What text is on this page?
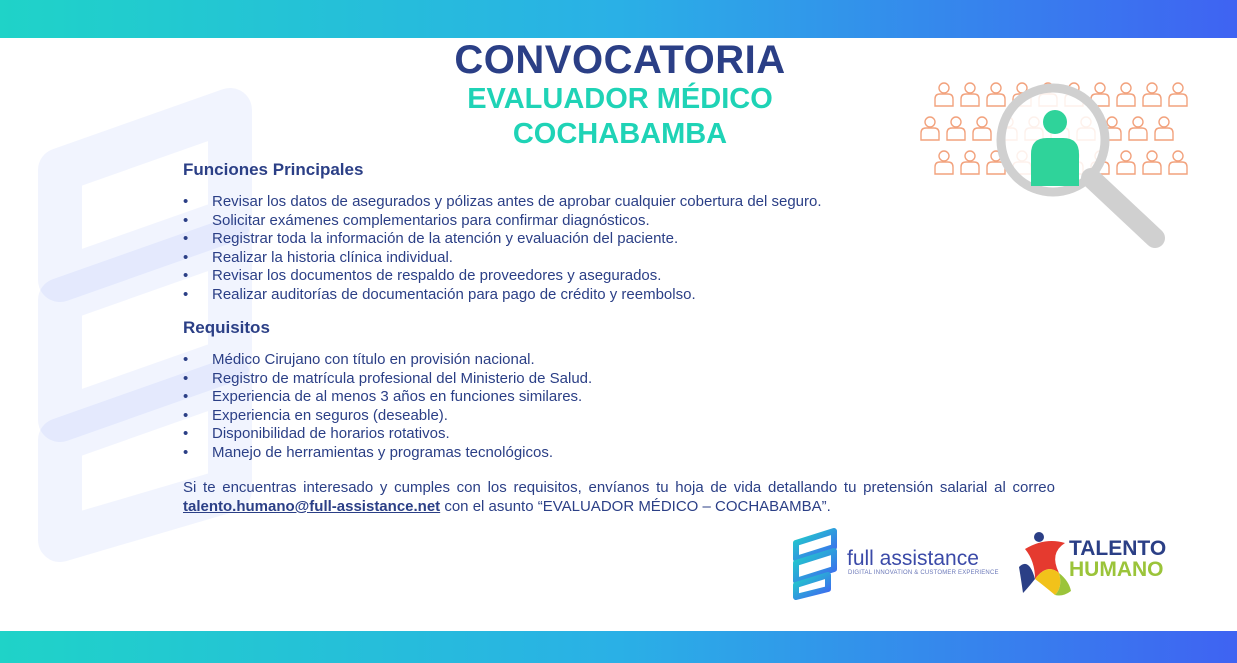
CONVOCATORIA
EVALUADOR MÉDICO
COCHABAMBA
Funciones Principales
• Revisar los datos de asegurados y pólizas antes de aprobar cualquier cobertura del seguro.
• Solicitar exámenes complementarios para confirmar diagnósticos.
• Registrar toda la información de la atención y evaluación del paciente.
• Realizar la historia clínica individual.
• Revisar los documentos de respaldo de proveedores y asegurados.
• Realizar auditorías de documentación para pago de crédito y reembolso.
Requisitos
• Médico Cirujano con título en provisión nacional.
• Registro de matrícula profesional del Ministerio de Salud.
• Experiencia de al menos 3 años en funciones similares.
• Experiencia en seguros (deseable).
• Disponibilidad de horarios rotativos.
• Manejo de herramientas y programas tecnológicos.

Si te encuentras interesado y cumples con los requisitos, envíanos tu hoja de vida detallando tu pretensión salarial al correo talento.humano@full-assistance.net con el asunto “EVALUADOR MÉDICO – COCHABAMBA”.

full assistance

DIGITAL INNOVATION & CUSTOMER EXPERIENCE

TALENTO

HUMANO
